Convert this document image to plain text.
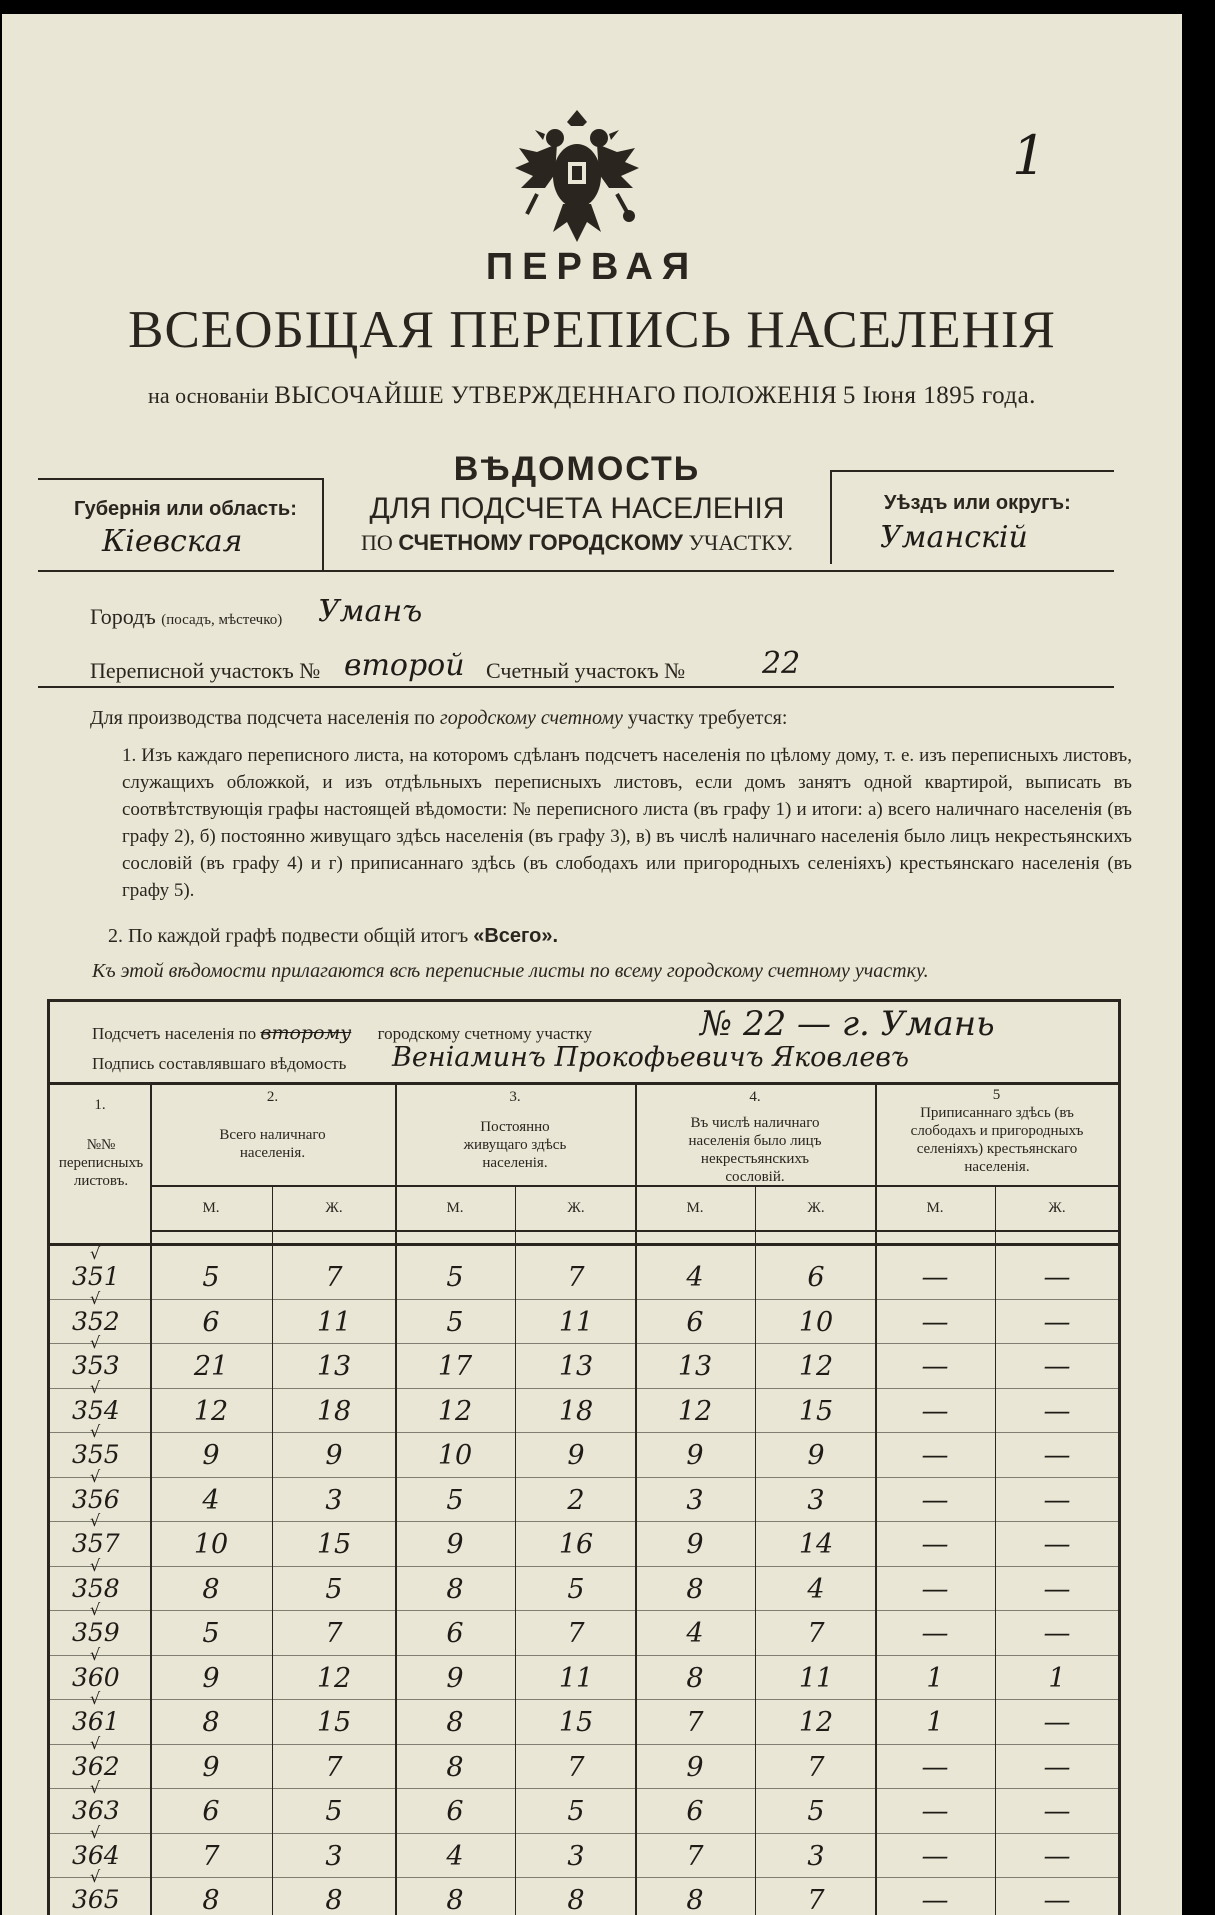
1
ПЕРВАЯ
ВСЕОБЩАЯ ПЕРЕПИСЬ НАСЕЛЕНІЯ
на основаніи ВЫСОЧАЙШЕ УТВЕРЖДЕННАГО ПОЛОЖЕНІЯ 5 Іюня 1895 года.
Губернія или область:
Кіевская
ВѢДОМОСТЬ
ДЛЯ ПОДСЧЕТА НАСЕЛЕНІЯ
ПО СЧЕТНОМУ ГОРОДСКОМУ УЧАСТКУ.
Уѣздъ или округъ:
Уманскій
Городъ (посадъ, мѣстечко) Уманъ
Переписной участокъ № второй Счетный участокъ №	22
Для производства подсчета населенія по городскому счетному участку требуется:
1. Изъ каждаго переписного листа, на которомъ сдѣланъ подсчетъ населенія по цѣлому дому, т. е. изъ переписныхъ листовъ, служащихъ обложкой, и изъ отдѣльныхъ переписныхъ листовъ, если домъ занятъ одной квартирой, выписать въ соотвѣтствующія графы настоящей вѣдомости: № переписного листа (въ графу 1) и итоги: а) всего наличнаго населенія (въ графу 2), б) постоянно живущаго здѣсь населенія (въ графу 3), в) въ числѣ наличнаго населенія было лицъ некрестьянскихъ сословій (въ графу 4) и г) приписаннаго здѣсь (въ слободахъ или пригородныхъ селеніяхъ) крестьянскаго населенія (въ графу 5).
2. По каждой графѣ подвести общій итогъ «Всего».
Къ этой вѣдомости прилагаются всѣ переписные листы по всему городскому счетному участку.
Подсчетъ населенія по второму городскому счетному участку	№ 22 — г. Умань
Подпись составлявшаго вѣдомость Веніаминъ Прокофьевичъ Яковлевъ
1.
№№ переписныхъ листовъ.
2.
Всего наличнаго населенія.
3.
Постоянно живущаго здѣсь населенія.
4.
Въ числѣ наличнаго населенія было лицъ некрестьянскихъ сословій.
5
Приписаннаго здѣсь (въ слободахъ и пригородныхъ селеніяхъ) крестьянскаго населенія.
М.	Ж.	М.	Ж.	М.	Ж.	М.	Ж.
351
√
5	7	5	7	4	6	—	—
352
√
6	11	5	11	6	10	—	—
353
√
21	13	17	13	13	12	—	—
354
√
12	18	12	18	12	15	—	—
355
√
9	9	10	9	9	9	—	—
356
√
4	3	5	2	3	3	—	—
357
√
10	15	9	16	9	14	—	—
358
√
8	5	8	5	8	4	—	—
359
√
5	7	6	7	4	7	—	—
360
√
9	12	9	11	8	11	1	1
361
√
8	15	8	15	7	12	1	—
362
√
9	7	8	7	9	7	—	—
363
√
6	5	6	5	6	5	—	—
364
√
7	3	4	3	7	3	—	—
365
√
8	8	8	8	8	7	—	—
